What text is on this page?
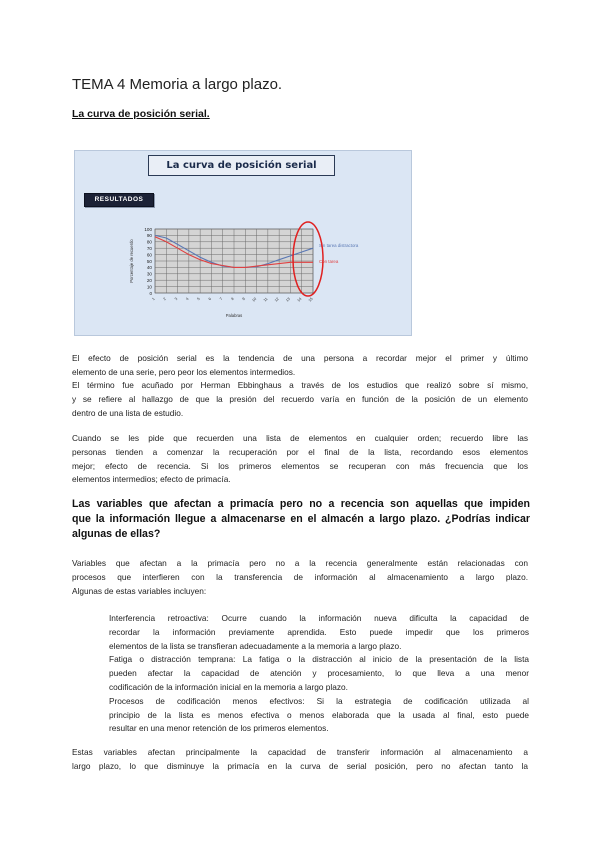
TEMA 4 Memoria a largo plazo.
La curva de posición serial.
La curva de posición serial
RESULTADOS
0
10
20
30
40
50
60
70
80
90
100
1 2 3 4 5 6 7 8 9 10 11 12 13 14 15
Porcentaje de recuerdo
Palabras
Sin tarea distractora
Con tarea

El efecto de posición serial es la tendencia de una persona a recordar mejor el primer y último
elemento de una serie, pero peor los elementos intermedios.

El término fue acuñado por Herman Ebbinghaus a través de los estudios que realizó sobre sí mismo,
y se refiere al hallazgo de que la presión del recuerdo varía en función de la posición de un elemento
dentro de una lista de estudio.

Cuando se les pide que recuerden una lista de elementos en cualquier orden; recuerdo libre las
personas tienden a comenzar la recuperación por el final de la lista, recordando esos elementos
mejor; efecto de recencia. Si los primeros elementos se recuperan con más frecuencia que los
elementos intermedios; efecto de primacía.

Las variables que afectan a primacía pero no a recencia son aquellas que impiden
que la información llegue a almacenarse en el almacén a largo plazo. ¿Podrías indicar
algunas de ellas?

Variables que afectan a la primacía pero no a la recencia generalmente están relacionadas con
procesos que interfieren con la transferencia de información al almacenamiento a largo plazo.
Algunas de estas variables incluyen:

Interferencia retroactiva: Ocurre cuando la información nueva dificulta la capacidad de
recordar la información previamente aprendida. Esto puede impedir que los primeros
elementos de la lista se transfieran adecuadamente a la memoria a largo plazo.
Fatiga o distracción temprana: La fatiga o la distracción al inicio de la presentación de la lista
pueden afectar la capacidad de atención y procesamiento, lo que lleva a una menor
codificación de la información inicial en la memoria a largo plazo.
Procesos de codificación menos efectivos: Si la estrategia de codificación utilizada al
principio de la lista es menos efectiva o menos elaborada que la usada al final, esto puede
resultar en una menor retención de los primeros elementos.

Estas variables afectan principalmente la capacidad de transferir información al almacenamiento a
largo plazo, lo que disminuye la primacía en la curva de serial posición, pero no afectan tanto la
